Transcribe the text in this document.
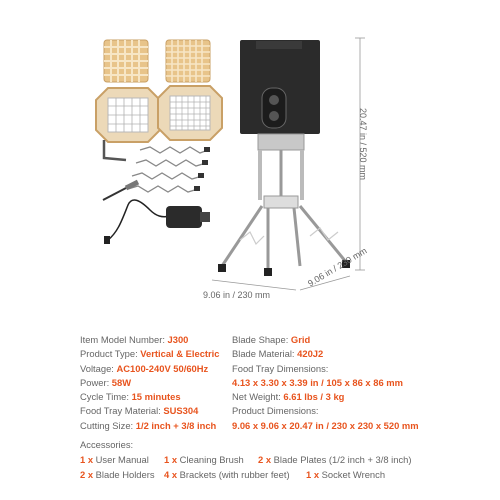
9.06 in / 230 mm
9.06 in / 230 mm
20.47 in / 520 mm
Item Model Number: J300
Product Type: Vertical & Electric
Voltage: AC100-240V 50/60Hz
Power: 58W
Cycle Time: 15 minutes
Food Tray Material: SUS304
Cutting Size: 1/2 inch + 3/8 inch
Blade Shape: Grid
Blade Material: 420J2
Food Tray Dimensions:
4.13 x 3.30 x 3.39 in / 105 x 86 x 86 mm
Net Weight: 6.61 lbs / 3 kg
Product Dimensions:
9.06 x 9.06 x 20.47 in / 230 x 230 x 520 mm
Accessories:
1 x User Manual 1 x Cleaning Brush 2 x Blade Plates (1/2 inch + 3/8 inch)
2 x Blade Holders 4 x Brackets (with rubber feet) 1 x Socket Wrench
